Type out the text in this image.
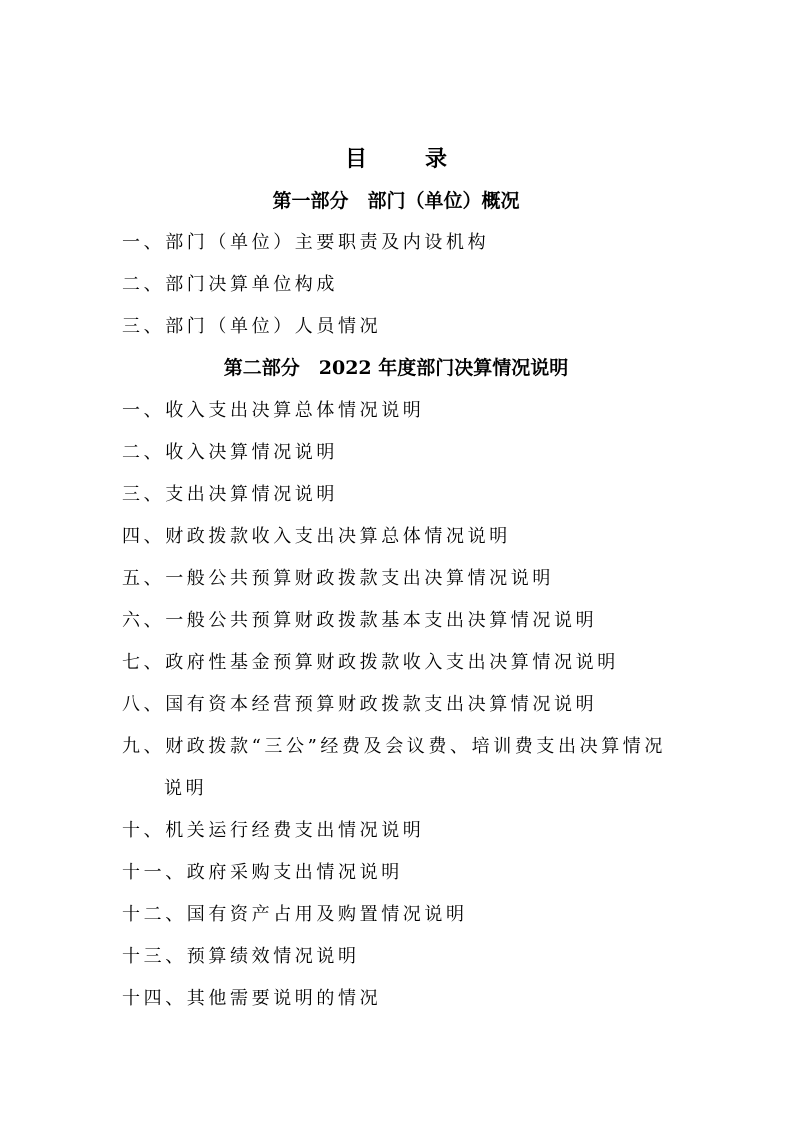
目　录
第一部分　部门（单位）概况
一、部门（单位）主要职责及内设机构
二、部门决算单位构成
三、部门（单位）人员情况
第二部分　2022 年度部门决算情况说明
一、收入支出决算总体情况说明
二、收入决算情况说明
三、支出决算情况说明
四、财政拨款收入支出决算总体情况说明
五、一般公共预算财政拨款支出决算情况说明
六、一般公共预算财政拨款基本支出决算情况说明
七、政府性基金预算财政拨款收入支出决算情况说明
八、国有资本经营预算财政拨款支出决算情况说明
九、财政拨款“三公”经费及会议费、培训费支出决算情况
说明
十、机关运行经费支出情况说明
十一、政府采购支出情况说明
十二、国有资产占用及购置情况说明
十三、预算绩效情况说明
十四、其他需要说明的情况
